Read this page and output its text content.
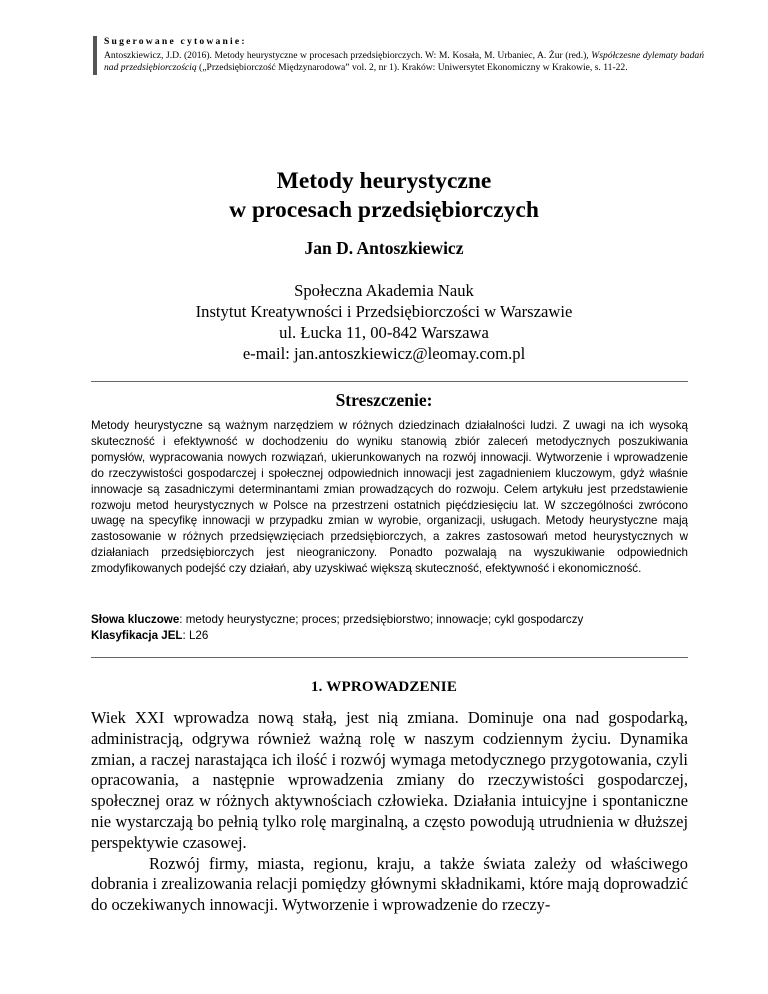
Sugerowane cytowanie:
Antoszkiewicz, J.D. (2016). Metody heurystyczne w procesach przedsiębiorczych. W: M. Kosała, M. Urbaniec, A. Żur (red.), Współczesne dylematy badań nad przedsiębiorczością („Przedsiębiorczość Międzynarodowa” vol. 2, nr 1). Kraków: Uniwersytet Ekonomiczny w Krakowie, s. 11-22.
Metody heurystyczne
w procesach przedsiębiorczych
Jan D. Antoszkiewicz
Społeczna Akademia Nauk
Instytut Kreatywności i Przedsiębiorczości w Warszawie
ul. Łucka 11, 00-842 Warszawa
e-mail: jan.antoszkiewicz@leomay.com.pl
Streszczenie:
Metody heurystyczne są ważnym narzędziem w różnych dziedzinach działalności ludzi. Z uwagi na ich wysoką skuteczność i efektywność w dochodzeniu do wyniku stanowią zbiór zaleceń metodycznych poszukiwania pomysłów, wypracowania nowych rozwiązań, ukierunkowanych na rozwój innowacji. Wytworzenie i wprowadzenie do rzeczywistości gospodarczej i społecznej odpowiednich innowacji jest zagadnieniem kluczowym, gdyż właśnie innowacje są zasadniczymi determinantami zmian prowadzących do rozwoju. Celem artykułu jest przedstawienie rozwoju metod heurystycznych w Polsce na przestrzeni ostatnich pięćdziesięciu lat. W szczególności zwrócono uwagę na specyfikę innowacji w przypadku zmian w wyrobie, organizacji, usługach. Metody heurystyczne mają zastosowanie w różnych przedsięwzięciach przedsiębiorczych, a zakres zastosowań metod heurystycznych w działaniach przedsiębiorczych jest nieograniczony. Ponadto pozwalają na wyszukiwanie odpowiednich zmodyfikowanych podejść czy działań, aby uzyskiwać większą skuteczność, efektywność i ekonomiczność.
Słowa kluczowe: metody heurystyczne; proces; przedsiębiorstwo; innowacje; cykl gospodarczy
Klasyfikacja JEL: L26
1. WPROWADZENIE

Wiek XXI wprowadza nową stałą, jest nią zmiana. Dominuje ona nad gospodarką, administracją, odgrywa również ważną rolę w naszym codziennym życiu. Dynamika zmian, a raczej narastająca ich ilość i rozwój wymaga metodycznego przygotowania, czyli opracowania, a następnie wprowadzenia zmiany do rzeczywistości gospodarczej, społecznej oraz w różnych aktywnościach człowieka. Działania intuicyjne i spontaniczne nie wystarczają bo pełnią tylko rolę marginalną, a często powodują utrudnienia w dłuższej perspektywie czasowej.

Rozwój firmy, miasta, regionu, kraju, a także świata zależy od właściwego dobrania i zrealizowania relacji pomiędzy głównymi składnikami, które mają doprowadzić do oczekiwanych innowacji. Wytworzenie i wprowadzenie do rzeczy-
